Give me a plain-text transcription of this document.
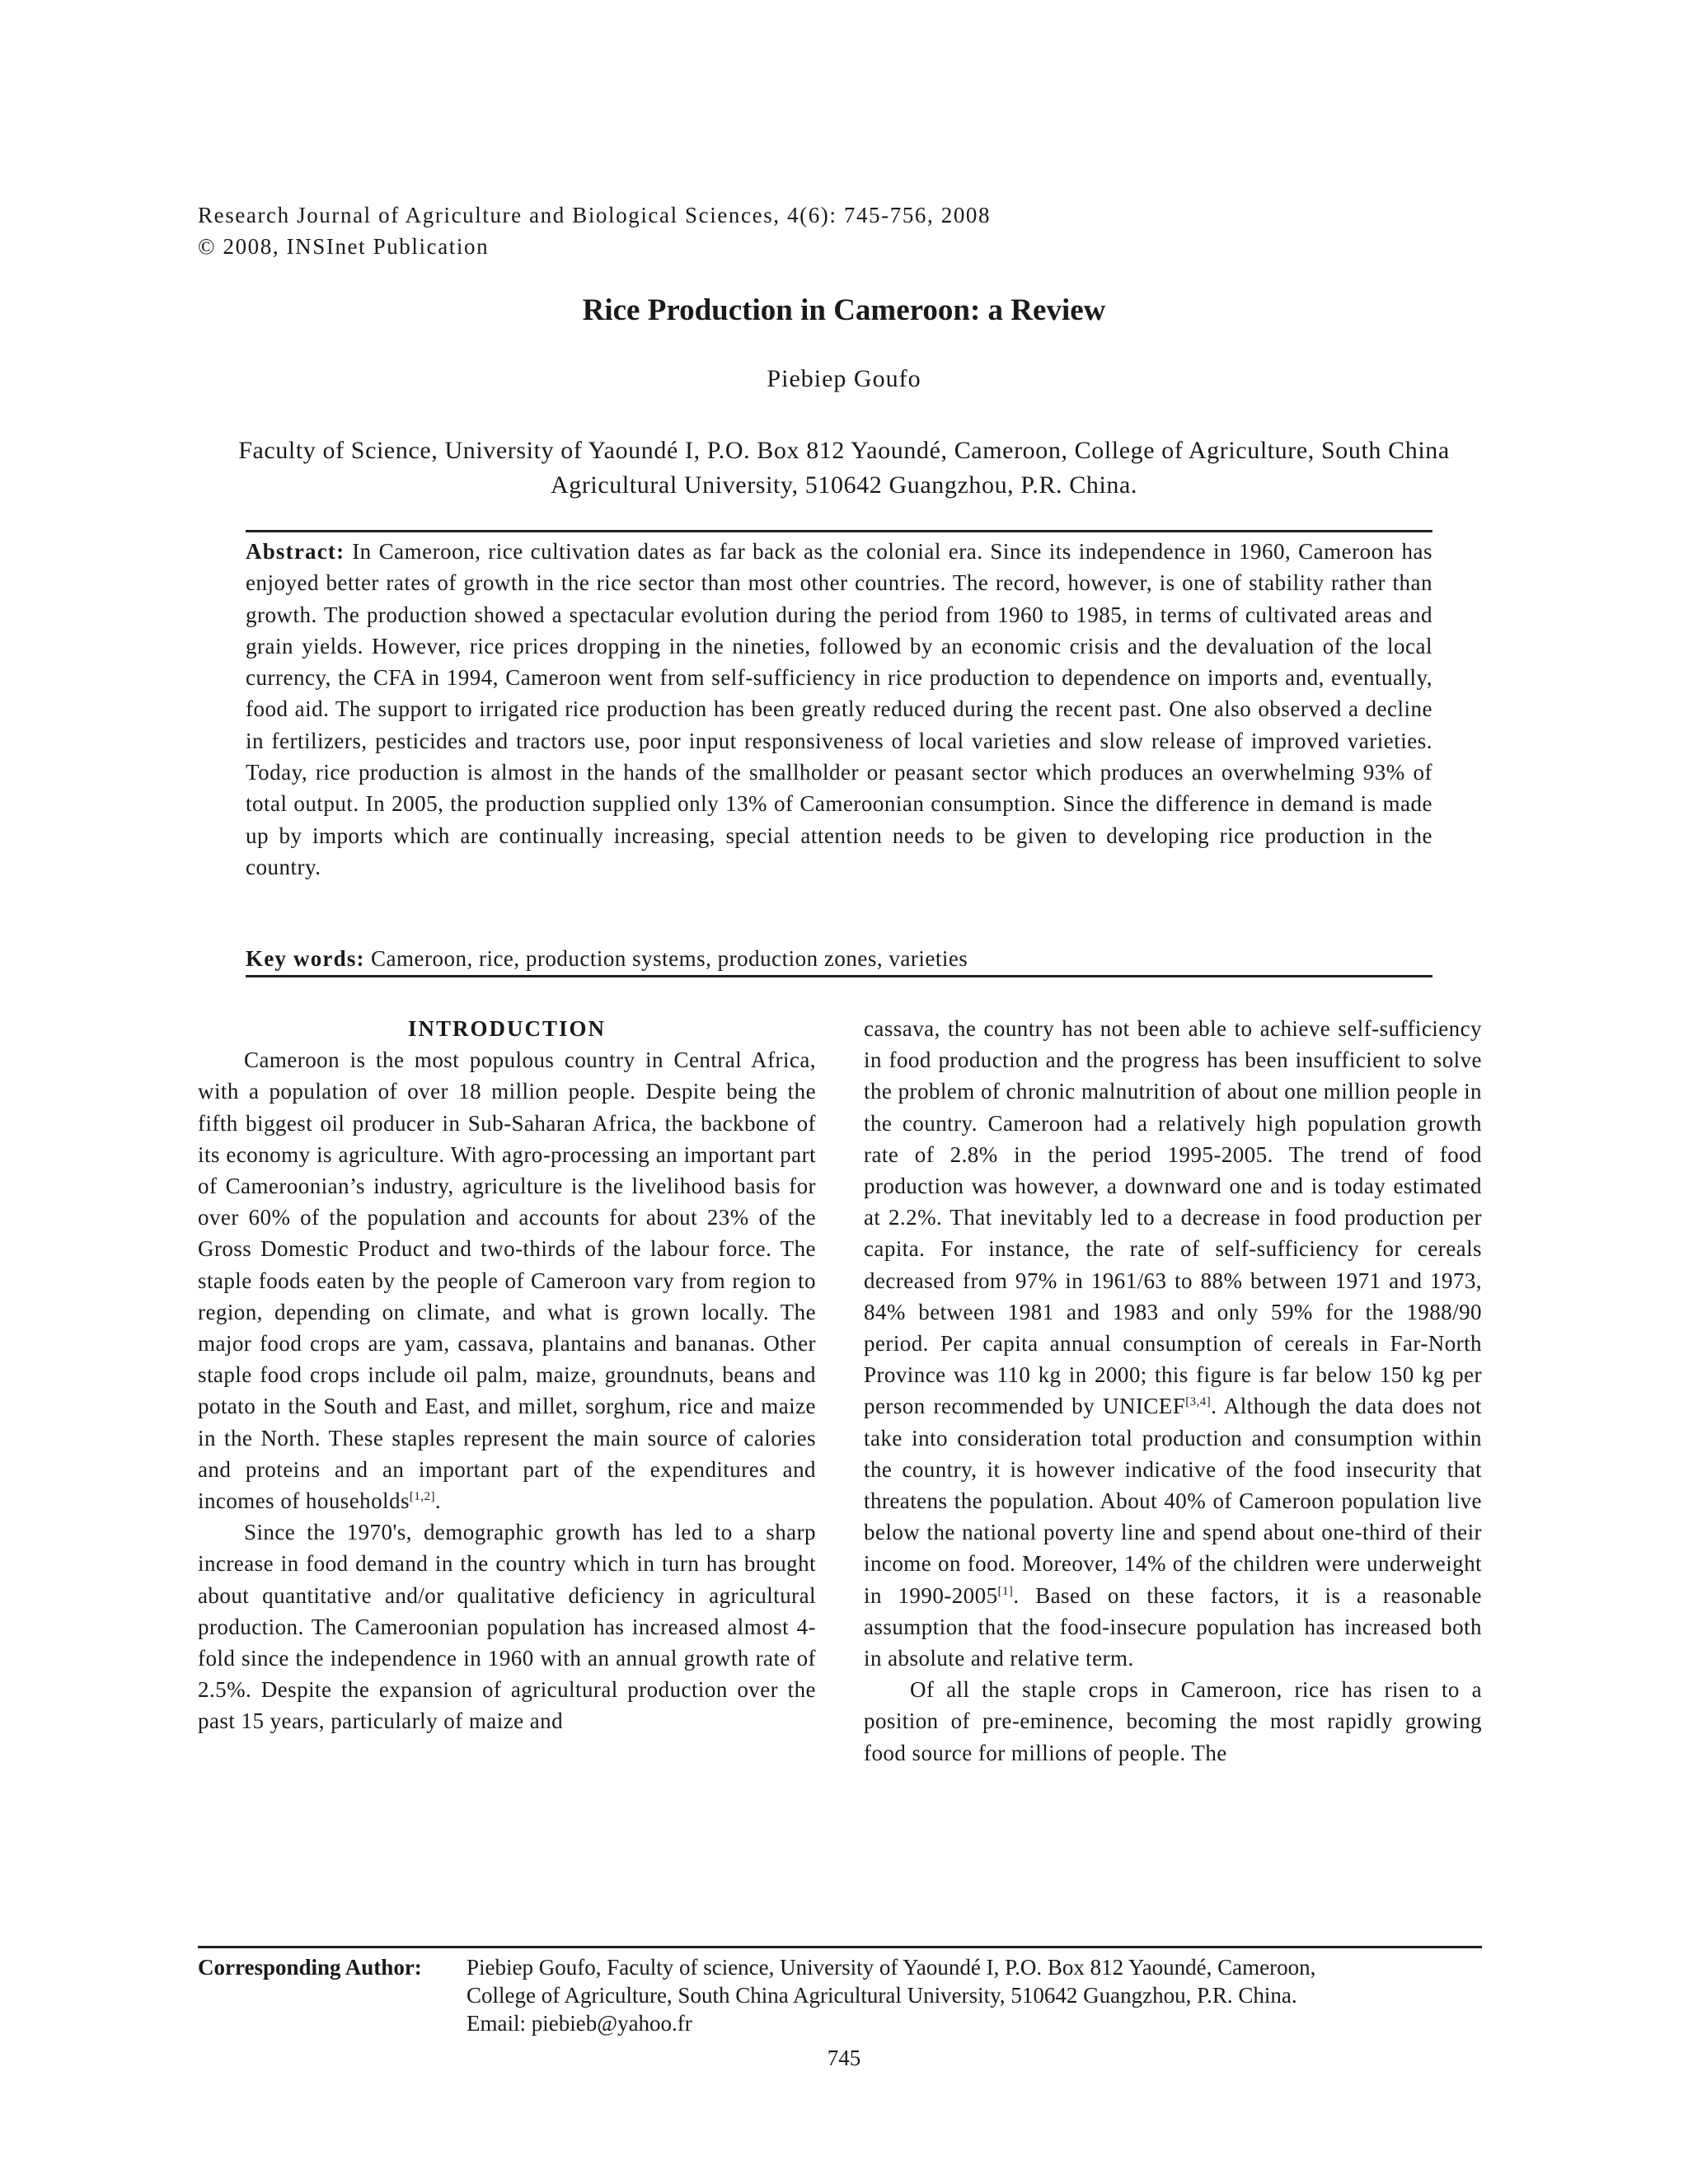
Research Journal of Agriculture and Biological Sciences, 4(6): 745-756, 2008
© 2008, INSInet Publication
Rice Production in Cameroon: a Review
Piebiep Goufo
Faculty of Science, University of Yaoundé I, P.O. Box 812 Yaoundé, Cameroon, College of Agriculture, South China Agricultural University, 510642 Guangzhou, P.R. China.
Abstract: In Cameroon, rice cultivation dates as far back as the colonial era. Since its independence in 1960, Cameroon has enjoyed better rates of growth in the rice sector than most other countries. The record, however, is one of stability rather than growth. The production showed a spectacular evolution during the period from 1960 to 1985, in terms of cultivated areas and grain yields. However, rice prices dropping in the nineties, followed by an economic crisis and the devaluation of the local currency, the CFA in 1994, Cameroon went from self-sufficiency in rice production to dependence on imports and, eventually, food aid. The support to irrigated rice production has been greatly reduced during the recent past. One also observed a decline in fertilizers, pesticides and tractors use, poor input responsiveness of local varieties and slow release of improved varieties. Today, rice production is almost in the hands of the smallholder or peasant sector which produces an overwhelming 93% of total output. In 2005, the production supplied only 13% of Cameroonian consumption. Since the difference in demand is made up by imports which are continually increasing, special attention needs to be given to developing rice production in the country.
Key words: Cameroon, rice, production systems, production zones, varieties

INTRODUCTION

Cameroon is the most populous country in Central Africa, with a population of over 18 million people. Despite being the fifth biggest oil producer in Sub-Saharan Africa, the backbone of its economy is agriculture. With agro-processing an important part of Cameroonian’s industry, agriculture is the livelihood basis for over 60% of the population and accounts for about 23% of the Gross Domestic Product and two-thirds of the labour force. The staple foods eaten by the people of Cameroon vary from region to region, depending on climate, and what is grown locally. The major food crops are yam, cassava, plantains and bananas. Other staple food crops include oil palm, maize, groundnuts, beans and potato in the South and East, and millet, sorghum, rice and maize in the North. These staples represent the main source of calories and proteins and an important part of the expenditures and incomes of households[1,2].

Since the 1970's, demographic growth has led to a sharp increase in food demand in the country which in turn has brought about quantitative and/or qualitative deficiency in agricultural production. The Cameroonian population has increased almost 4-fold since the independence in 1960 with an annual growth rate of 2.5%. Despite the expansion of agricultural production over the past 15 years, particularly of maize and

cassava, the country has not been able to achieve self-sufficiency in food production and the progress has been insufficient to solve the problem of chronic malnutrition of about one million people in the country. Cameroon had a relatively high population growth rate of 2.8% in the period 1995-2005. The trend of food production was however, a downward one and is today estimated at 2.2%. That inevitably led to a decrease in food production per capita. For instance, the rate of self-sufficiency for cereals decreased from 97% in 1961/63 to 88% between 1971 and 1973, 84% between 1981 and 1983 and only 59% for the 1988/90 period. Per capita annual consumption of cereals in Far-North Province was 110 kg in 2000; this figure is far below 150 kg per person recommended by UNICEF[3,4]. Although the data does not take into consideration total production and consumption within the country, it is however indicative of the food insecurity that threatens the population. About 40% of Cameroon population live below the national poverty line and spend about one-third of their income on food. Moreover, 14% of the children were underweight in 1990-2005[1]. Based on these factors, it is a reasonable assumption that the food-insecure population has increased both in absolute and relative term.

Of all the staple crops in Cameroon, rice has risen to a position of pre-eminence, becoming the most rapidly growing food source for millions of people. The

Corresponding Author: Piebiep Goufo, Faculty of science, University of Yaoundé I, P.O. Box 812 Yaoundé, Cameroon,
College of Agriculture, South China Agricultural University, 510642 Guangzhou, P.R. China.
Email: piebieb@yahoo.fr
745
